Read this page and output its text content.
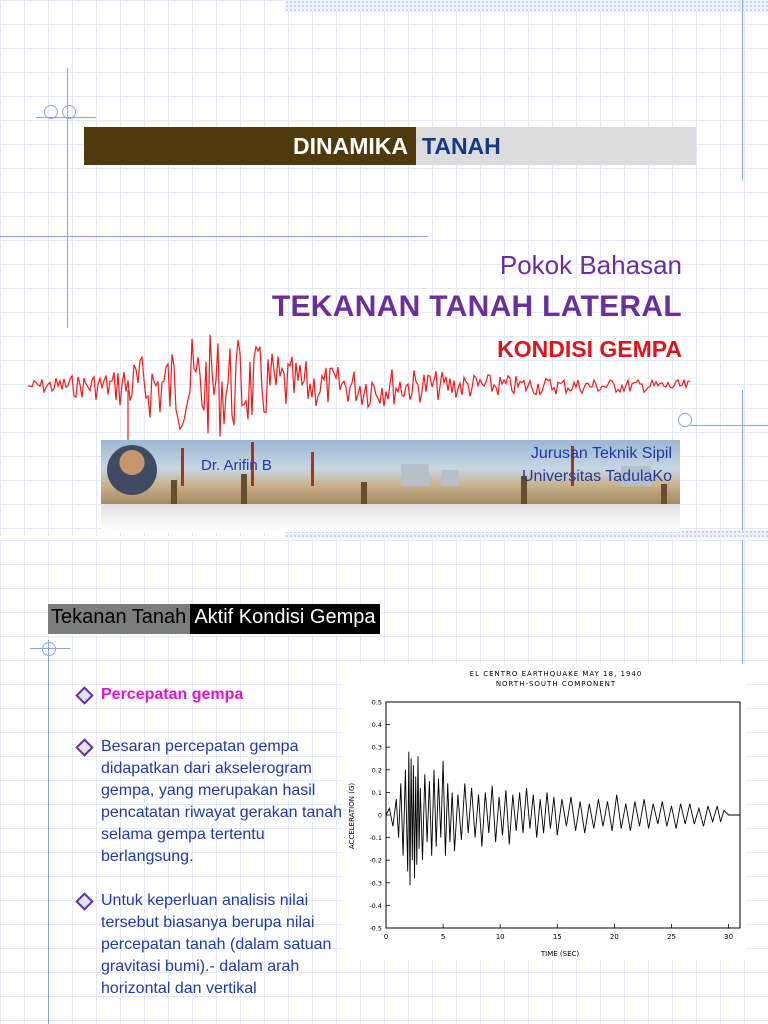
DINAMIKA TANAH
Pokok Bahasan
TEKANAN TANAH LATERAL
KONDISI GEMPA
Dr. Arifin B
Jurusan Teknik Sipil
Universitas TadulaKo
Tekanan Tanah Aktif Kondisi Gempa
Percepatan gempa
Besaran percepatan gempa didapatkan dari akselerogram gempa, yang merupakan hasil pencatatan riwayat gerakan tanah selama gempa tertentu berlangsung.
Untuk keperluan analisis nilai tersebut biasanya berupa nilai percepatan tanah (dalam satuan gravitasi bumi).- dalam arah horizontal dan vertikal
EL CENTRO EARTHQUAKE MAY 18, 1940
NORTH-SOUTH COMPONENT
TIME (SEC)
ACCELERATION (G)
0.5
0.4
0.3
0.2
0.1
0
-0.1
-0.2
-0.3
-0.4
-0.5
0	5	10	15	20	25	30
